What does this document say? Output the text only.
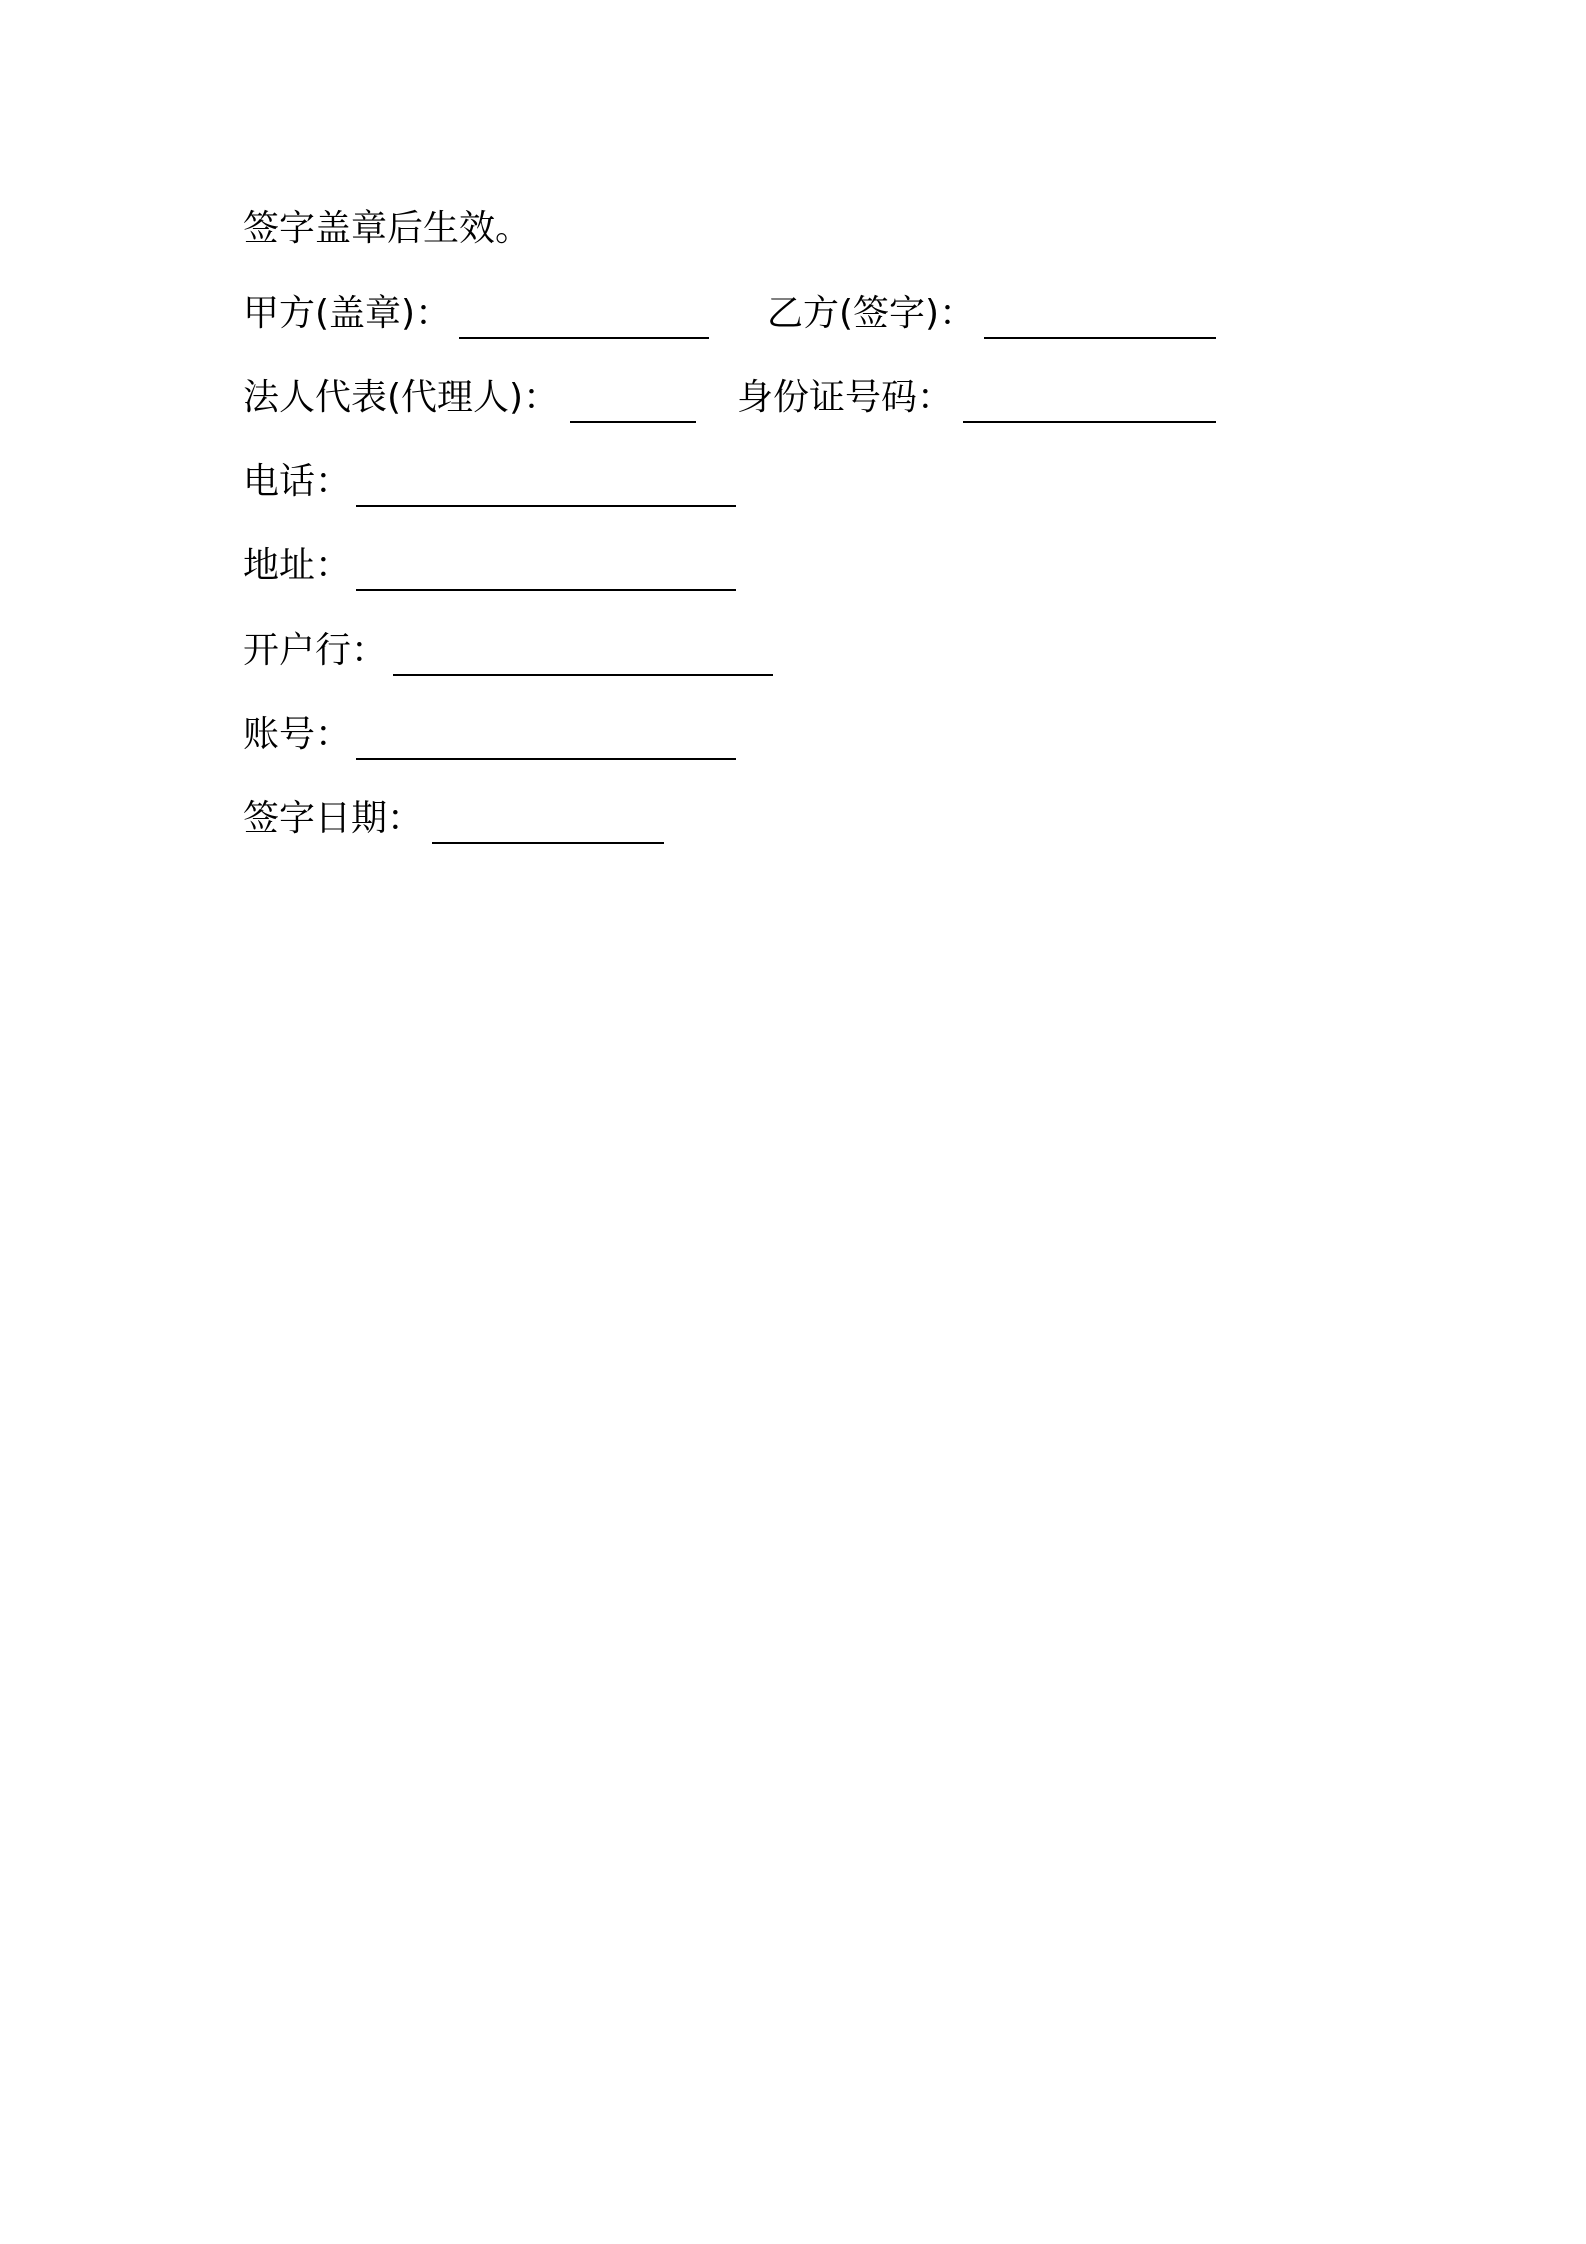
签字盖章后生效。
甲方(盖章)：	乙方(签字)：
法人代表(代理人)：	身份证号码：
电话：
地址：
开户行：
账号：
签字日期：
